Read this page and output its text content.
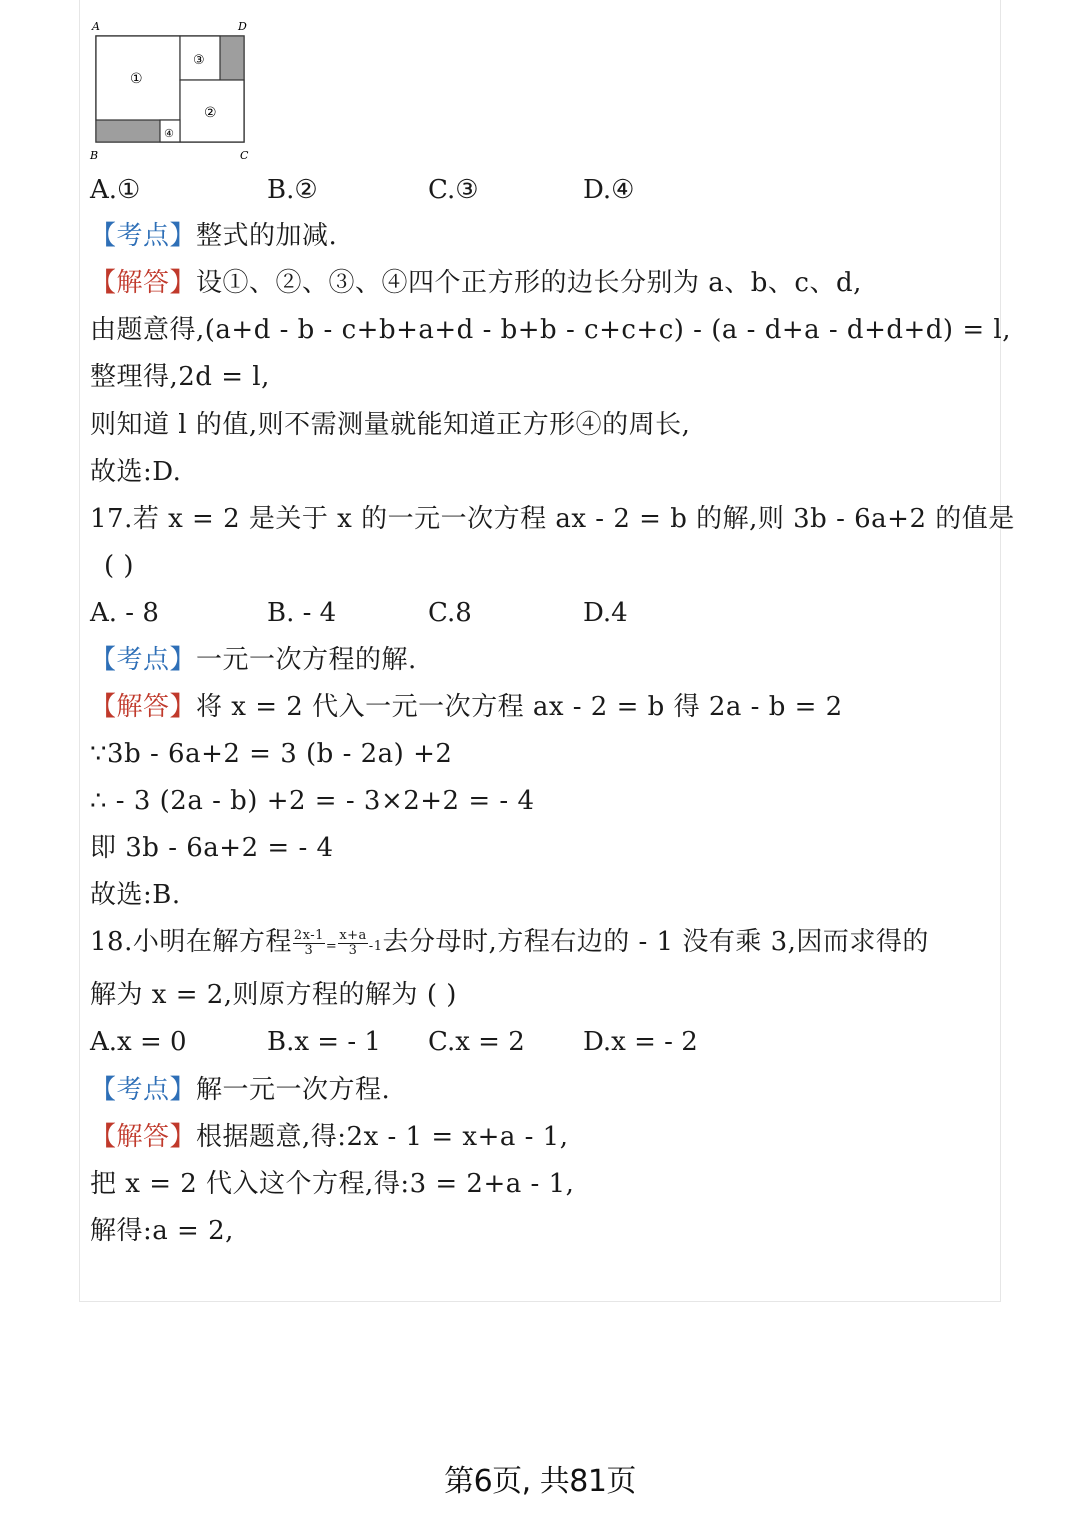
A	D
B	C
①
③
②
④
A.①	B.②	C.③	D.④
【考点】整式的加减.
【解答】设①、②、③、④四个正方形的边长分别为 a、b、c、d,
由题意得,(a+d - b - c+b+a+d - b+b - c+c+c) - (a - d+a - d+d+d) = l,
整理得,2d = l,
则知道 l 的值,则不需测量就能知道正方形④的周长,
故选:D.
17.若 x = 2 是关于 x 的一元一次方程 ax - 2 = b 的解,则 3b - 6a+2 的值是
( )
A. - 8	B. - 4	C.8	D.4
【考点】一元一次方程的解.
【解答】将 x = 2 代入一元一次方程 ax - 2 = b 得 2a - b = 2
∵3b - 6a+2 = 3 (b - 2a) +2
∴ - 3 (2a - b) +2 = - 3×2+2 = - 4
即 3b - 6a+2 = - 4
故选:B.
18.小明在解方程 $\frac{2x-1}{3} = \frac{x+a}{3} -1$去分母时,方程右边的 - 1 没有乘 3,因而求得的
解为 x = 2,则原方程的解为 ( )
A.x = 0	B.x = - 1 C.x = 2 D.x = - 2
【考点】解一元一次方程.
【解答】根据题意,得:2x - 1 = x+a - 1,
把 x = 2 代入这个方程,得:3 = 2+a - 1,
解得:a = 2,
第6页, 共81页
